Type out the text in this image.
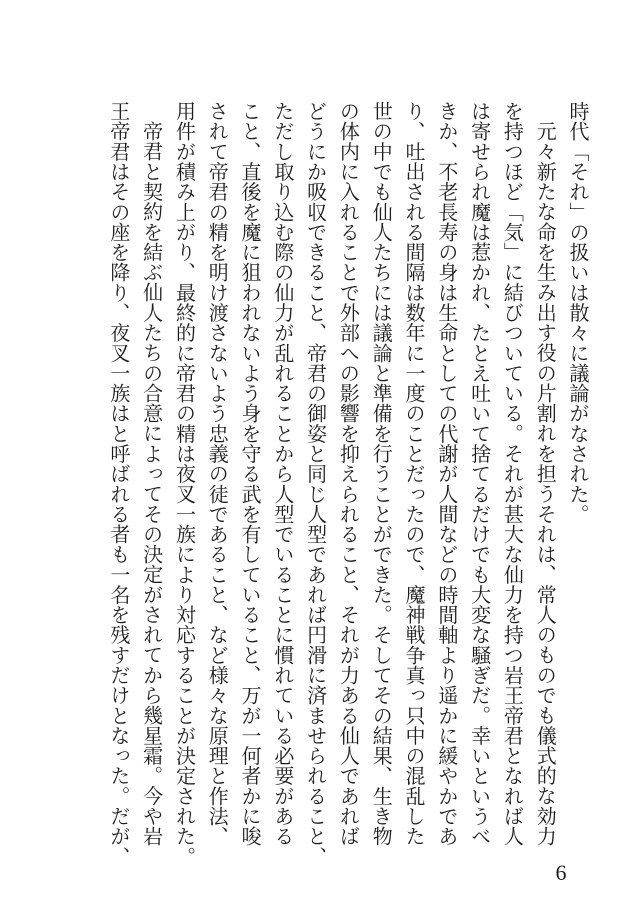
時代「それ」の扱いは散々に議論がなされた。
元々新たな命を生み出す役の片割れを担うそれは、常人のものでも儀式的な効力
を持つほど「気」に結びついている。それが甚大な仙力を持つ岩王帝君となれば人
は寄せられ魔は惹かれ、たとえ吐いて捨てるだけでも大変な騒ぎだ。幸いというべ
きか、不老長寿の身は生命としての代謝が人間などの時間軸より遥かに緩やかであ
り、吐出される間隔は数年に一度のことだったので、魔神戦争真っ只中の混乱した
世の中でも仙人たちには議論と準備を行うことができた。そしてその結果、生き物
の体内に入れることで外部への影響を抑えられること、それが力ある仙人であれば
どうにか吸収できること、帝君の御姿と同じ人型であれば円滑に済ませられること、
ただし取り込む際の仙力が乱れることから人型でいることに慣れている必要がある
こと、直後を魔に狙われないよう身を守る武を有していること、万が一何者かに唆
されて帝君の精を明け渡さないよう忠義の徒であること、など様々な原理と作法、
用件が積み上がり、最終的に帝君の精は夜叉一族により対応することが決定された。
帝君と契約を結ぶ仙人たちの合意によってその決定がされてから幾星霜。今や岩
王帝君はその座を降り、夜叉一族はと呼ばれる者も一名を残すだけとなった。だが、
6
